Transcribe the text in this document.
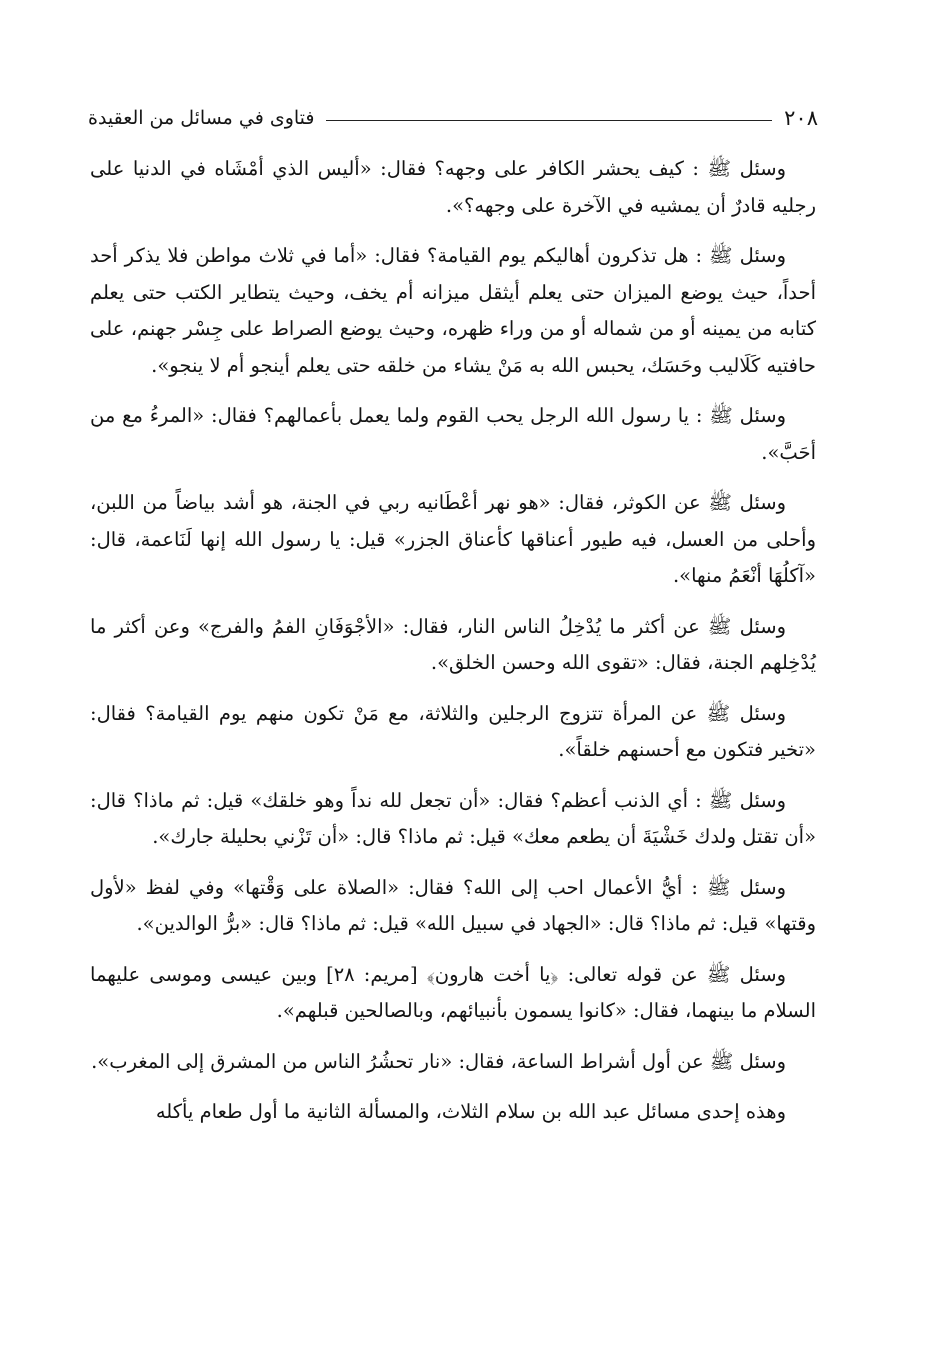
فتاوى في مسائل من العقيدة	٢٠٨

وسئل ﷺ : كيف يحشر الكافر على وجهه؟ فقال: «أليس الذي أمْشَاه في الدنيا على رجليه قادرٌ أن يمشيه في الآخرة على وجهه؟».

وسئل ﷺ : هل تذكرون أهاليكم يوم القيامة؟ فقال: «أما في ثلاث مواطن فلا يذكر أحد أحداً، حيث يوضع الميزان حتى يعلم أيثقل ميزانه أم يخف، وحيث يتطاير الكتب حتى يعلم كتابه من يمينه أو من شماله أو من وراء ظهره، وحيث يوضع الصراط على جِسْر جهنم، على حافتيه كَلَاليب وحَسَك، يحبس الله به مَنْ يشاء من خلقه حتى يعلم أينجو أم لا ينجو».

وسئل ﷺ : يا رسول الله الرجل يحب القوم ولما يعمل بأعمالهم؟ فقال: «المرءُ مع من أحَبَّ».

وسئل ﷺ عن الكوثر، فقال: «هو نهر أعْطَانيه ربي في الجنة، هو أشد بياضاً من اللبن، وأحلى من العسل، فيه طيور أعناقها كأعناق الجزر» قيل: يا رسول الله إنها لَنَاعمة، قال: «آكلُهَا أنْعَمُ منها».

وسئل ﷺ عن أكثر ما يُدْخِلُ الناس النار، فقال: «الأجْوَفَانِ الفمُ والفرج» وعن أكثر ما يُدْخِلهم الجنة، فقال: «تقوى الله وحسن الخلق».

وسئل ﷺ عن المرأة تتزوج الرجلين والثلاثة، مع مَنْ تكون منهم يوم القيامة؟ فقال: «تخير فتكون مع أحسنهم خلقاً».

وسئل ﷺ : أي الذنب أعظم؟ فقال: «أن تجعل لله نداً وهو خلقك» قيل: ثم ماذا؟ قال: «أن تقتل ولدك خَشْيَةَ أن يطعم معك» قيل: ثم ماذا؟ قال: «أن تَزْني بحليلة جارك».

وسئل ﷺ : أيُّ الأعمال احب إلى الله؟ فقال: «الصلاة على وَقْتها» وفي لفظ «لأول وقتها» قيل: ثم ماذا؟ قال: «الجهاد في سبيل الله» قيل: ثم ماذا؟ قال: «برُّ الوالدين».

وسئل ﷺ عن قوله تعالى: ﴿يا أخت هارون﴾ [مريم: ٢٨] وبين عيسى وموسى عليهما السلام ما بينهما، فقال: «كانوا يسمون بأنبيائهم، وبالصالحين قبلهم».

وسئل ﷺ عن أول أشراط الساعة، فقال: «نار تحشُرُ الناس من المشرق إلى المغرب».

وهذه إحدى مسائل عبد الله بن سلام الثلاث، والمسألة الثانية ما أول طعام يأكله
